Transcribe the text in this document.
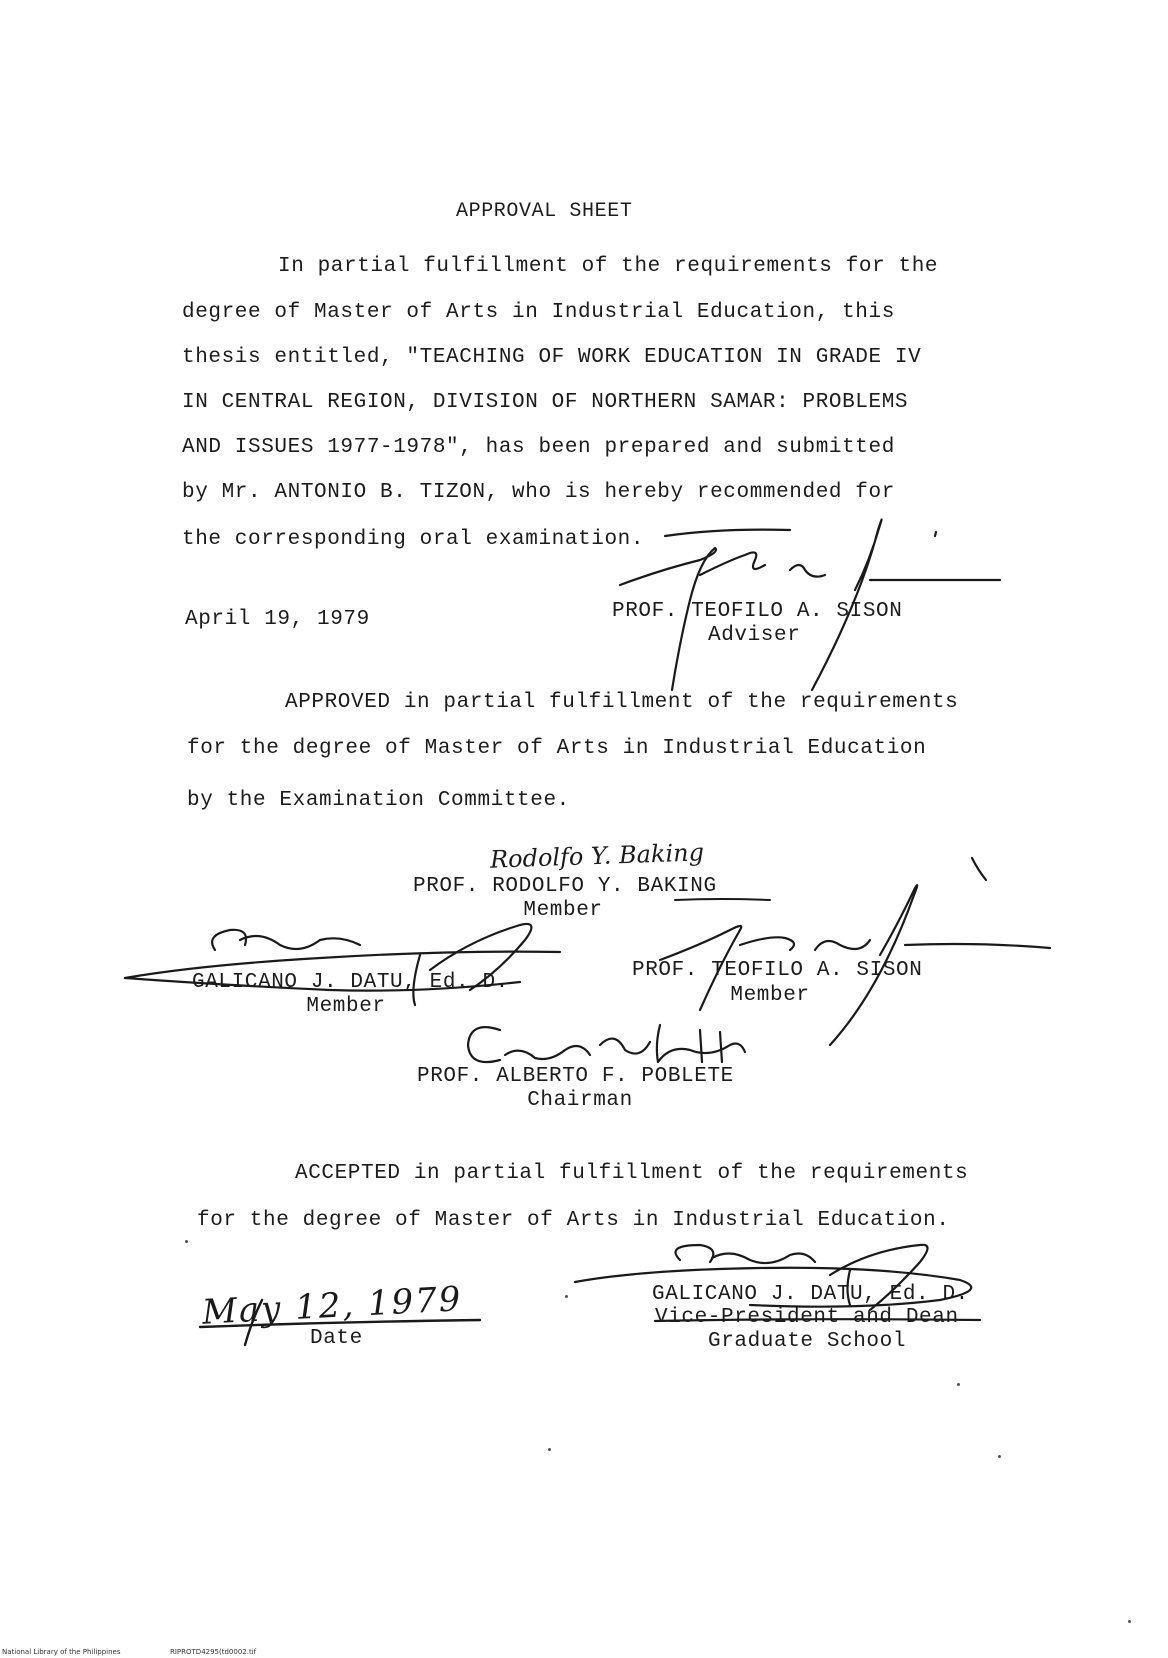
APPROVAL SHEET
In partial fulfillment of the requirements for the
degree of Master of Arts in Industrial Education, this
thesis entitled, "TEACHING OF WORK EDUCATION IN GRADE IV
IN CENTRAL REGION, DIVISION OF NORTHERN SAMAR: PROBLEMS
AND ISSUES 1977-1978", has been prepared and submitted
by Mr. ANTONIO B. TIZON, who is hereby recommended for
the corresponding oral examination.
April 19, 1979	PROF. TEOFILO A. SISON
Adviser
APPROVED in partial fulfillment of the requirements
for the degree of Master of Arts in Industrial Education
by the Examination Committee.
Rodolfo Y. Baking
PROF. RODOLFO Y. BAKING
Member
GALICANO J. DATU, Ed. D.
Member
PROF. TEOFILO A. SISON
Member
PROF. ALBERTO F. POBLETE
Chairman
ACCEPTED in partial fulfillment of the requirements
for the degree of Master of Arts in Industrial Education.
May 12, 1979
Date
GALICANO J. DATU, Ed. D.
Vice-President and Dean
Graduate School
National Library of the Philippines	RIPROTD4295(td0002.tif
